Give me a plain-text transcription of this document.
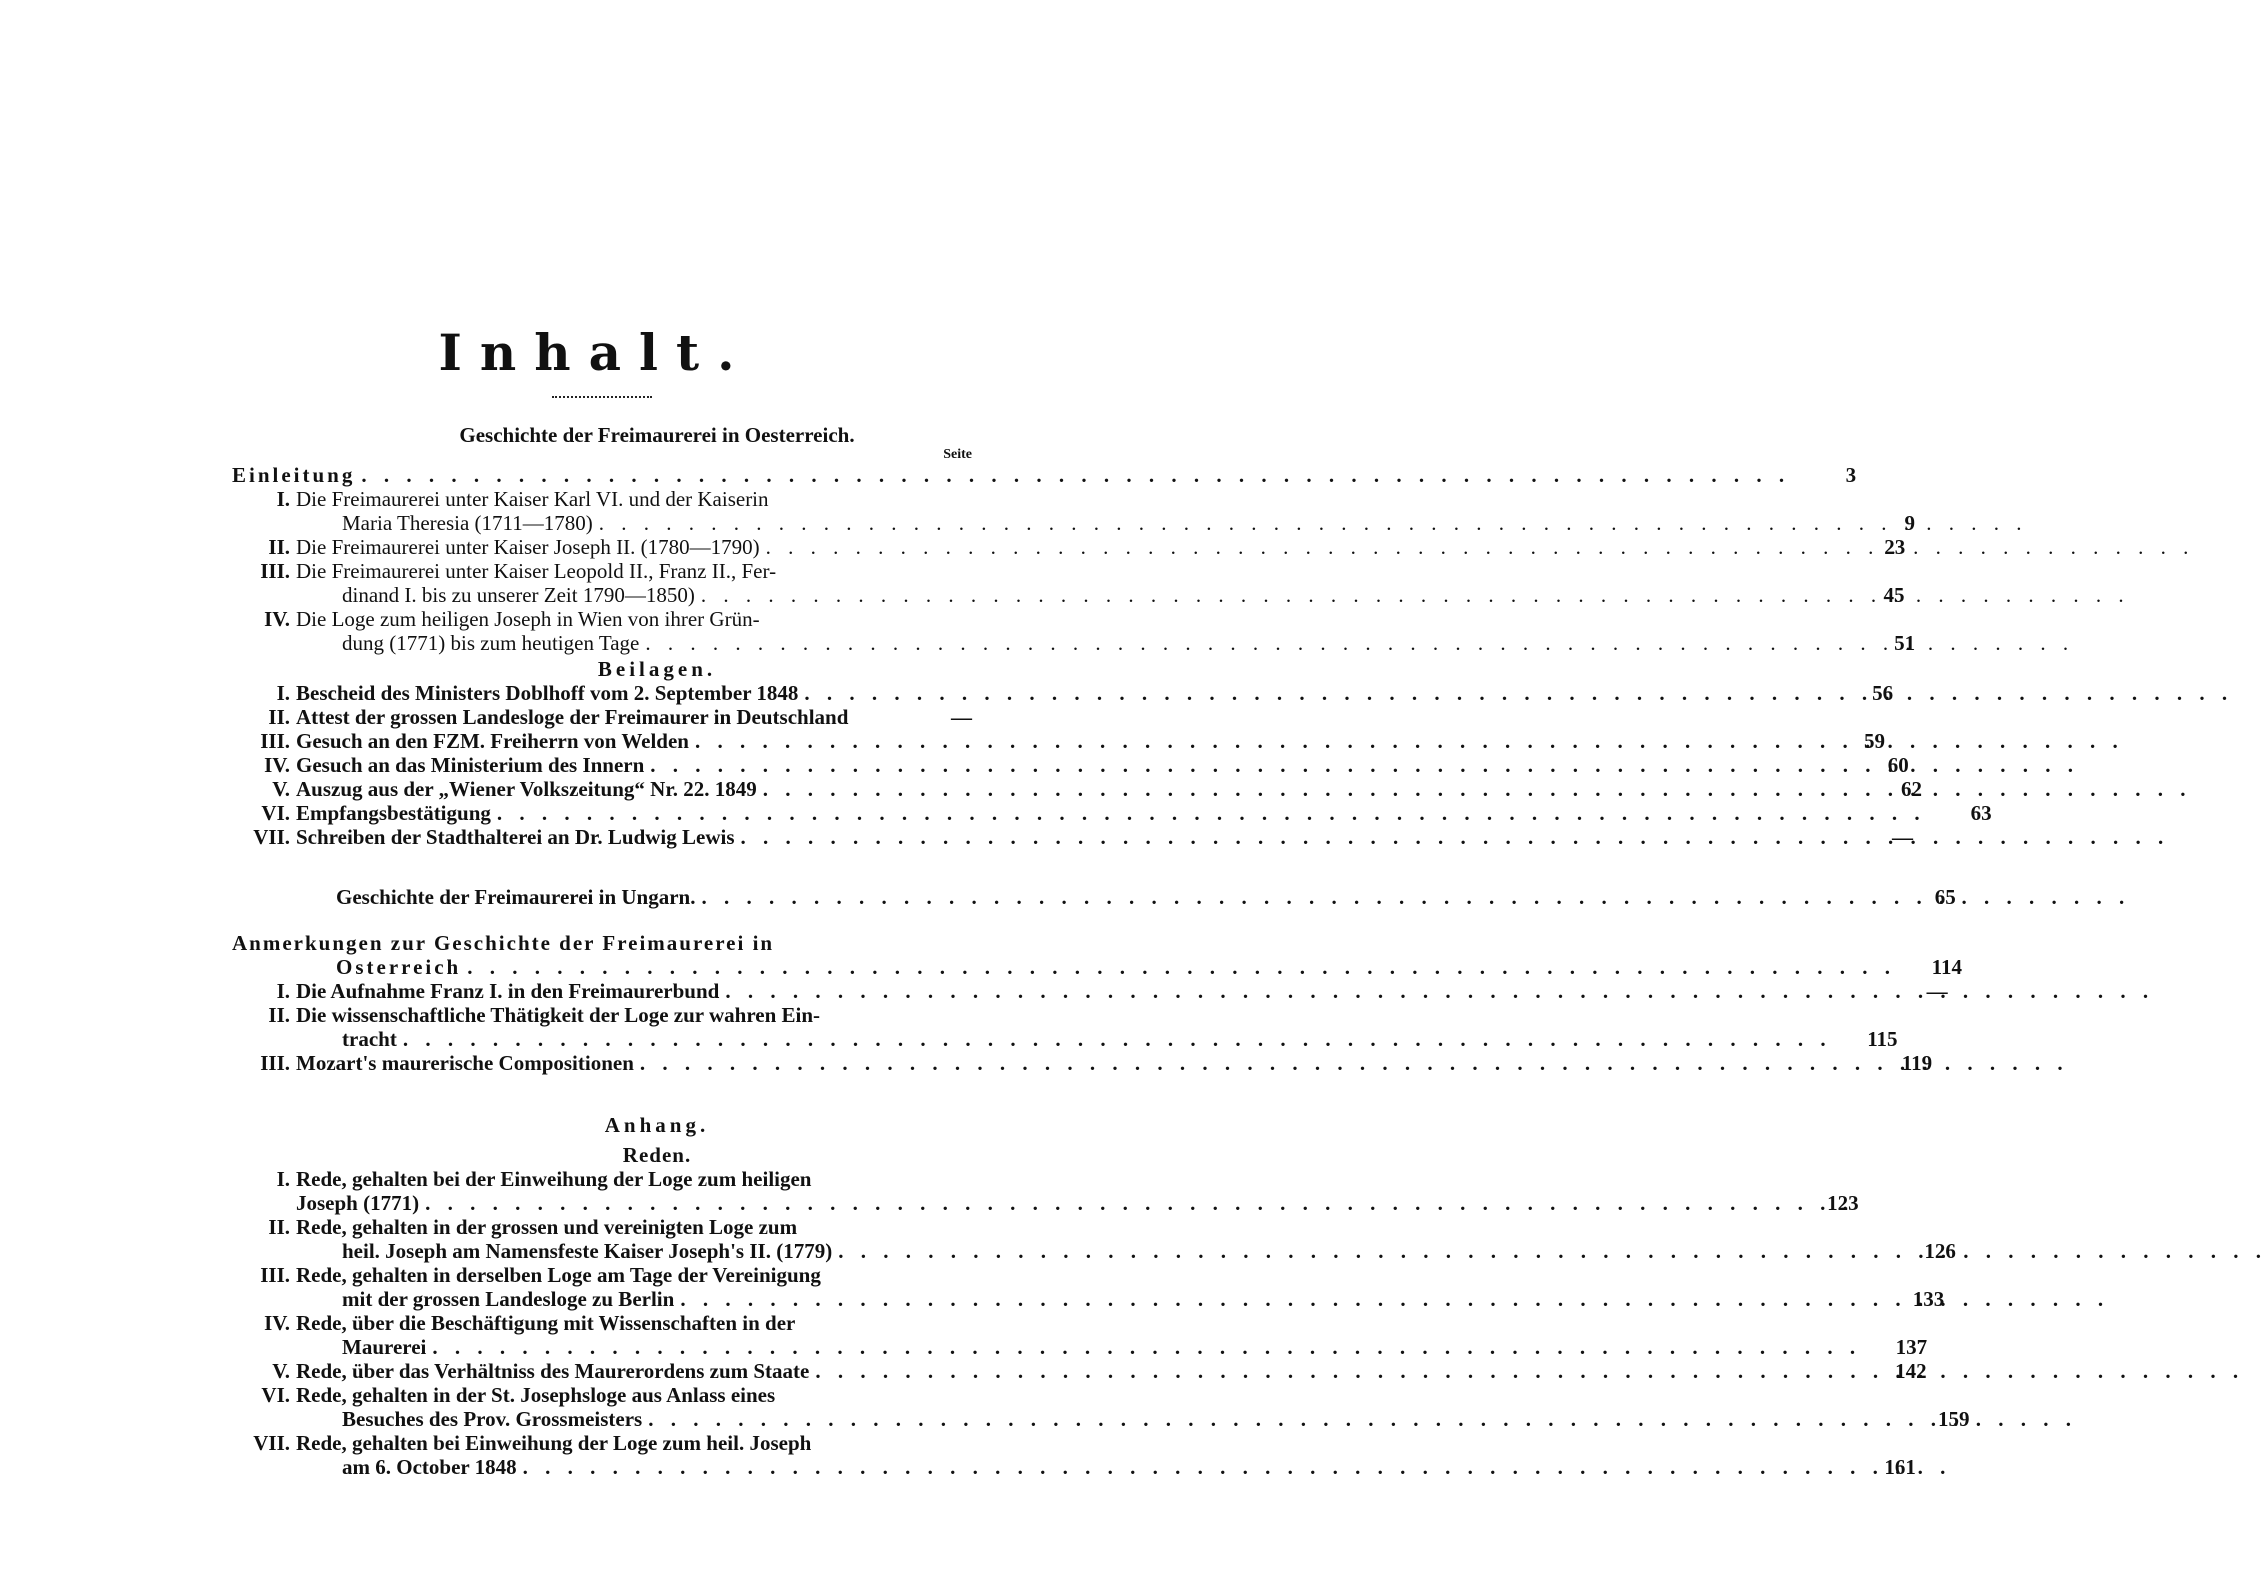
Inhalt.
Geschichte der Freimaurerei in Oesterreich.
Seite
Einleitung . . .	3
I. Die Freimaurerei unter Kaiser Karl VI. und der Kaiserin
Maria Theresia (1711—1780) . . .	9
II. Die Freimaurerei unter Kaiser Joseph II. (1780—1790) . . .	23
III. Die Freimaurerei unter Kaiser Leopold II., Franz II., Fer-
dinand I. bis zu unserer Zeit 1790—1850) . . .	45
IV. Die Loge zum heiligen Joseph in Wien von ihrer Grün-
dung (1771) bis zum heutigen Tage . . .	51
Beilagen.
I. Bescheid des Ministers Doblhoff vom 2. September 1848 . . .	56
II. Attest der grossen Landesloge der Freimaurer in Deutschland	—
III. Gesuch an den FZM. Freiherrn von Welden . . .	59
IV. Gesuch an das Ministerium des Innern . . .	60
V. Auszug aus der „Wiener Volkszeitung“ Nr. 22. 1849 . . .	62
VI. Empfangsbestätigung . . .	63
VII. Schreiben der Stadthalterei an Dr. Ludwig Lewis . . .	—
Geschichte der Freimaurerei in Ungarn. . . .	65
Anmerkungen zur Geschichte der Freimaurerei in
Osterreich . . .	114
I. Die Aufnahme Franz I. in den Freimaurerbund . . .	—
II. Die wissenschaftliche Thätigkeit der Loge zur wahren Ein-
tracht . . .	115
III. Mozart's maurerische Compositionen . . .	119
Anhang.
Reden.
I. Rede, gehalten bei der Einweihung der Loge zum heiligen
Joseph (1771) . . .	123
II. Rede, gehalten in der grossen und vereinigten Loge zum
heil. Joseph am Namensfeste Kaiser Joseph's II. (1779) . . .	126
III. Rede, gehalten in derselben Loge am Tage der Vereinigung
mit der grossen Landesloge zu Berlin . . .	133
IV. Rede, über die Beschäftigung mit Wissenschaften in der
Maurerei . . .	137
V. Rede, über das Verhältniss des Maurerordens zum Staate . . .	142
VI. Rede, gehalten in der St. Josephsloge aus Anlass eines
Besuches des Prov. Grossmeisters . . .	159
VII. Rede, gehalten bei Einweihung der Loge zum heil. Joseph
am 6. October 1848 . . .	161
